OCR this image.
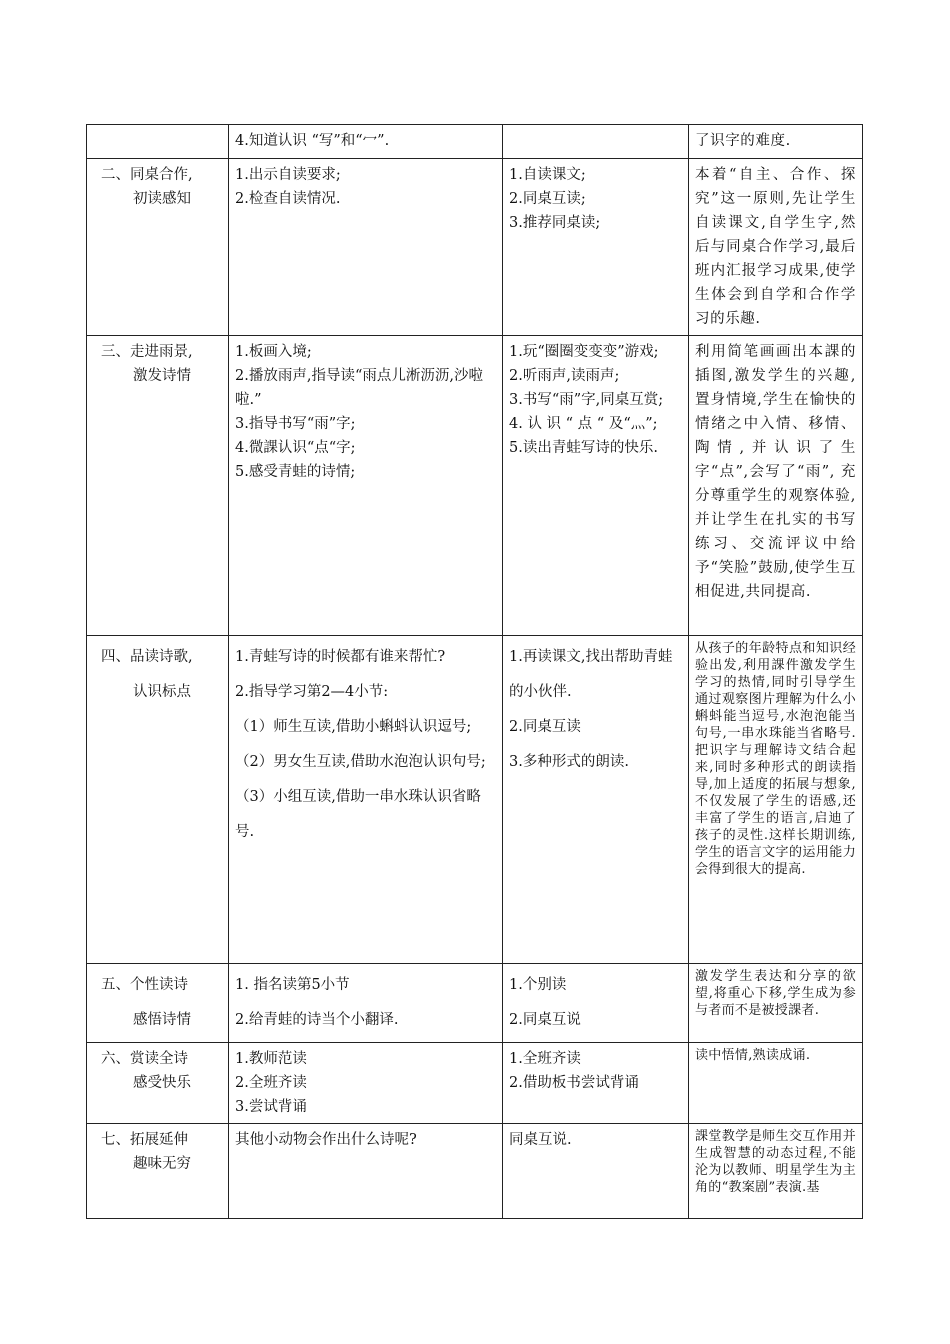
	4.知道认识 “写”和“冖”.		了识字的难度.

二、同桌合作,
初读感知	1.出示自读要求;
2.检查自读情况.	1.自读课文;
2.同桌互读;
3.推荐同桌读;	本着“自主、合作、探究”这一原则,先让学生自读课文,自学生字,然后与同桌合作学习,最后班内汇报学习成果,使学生体会到自学和合作学习的乐趣.

三、走进雨景,
激发诗情	1.板画入境;
2.播放雨声,指导读“雨点儿淅沥沥,沙啦啦.”
3.指导书写“雨”字;
4.微課认识“点“字;
5.感受青蛙的诗情;	1.玩“圈圈变变变”游戏;
2.听雨声,读雨声;
3.书写“雨”字,同桌互赏;
4. 认 识 “ 点 “ 及“灬”;
5.读出青蛙写诗的快乐.	利用简笔画画出本課的插图,激发学生的兴趣,置身情境,学生在愉快的情绪之中入情、移情、陶情,并认识了生字“点”,会写了“雨”, 充分尊重学生的观察体验,并让学生在扎实的书写练习、交流评议中给予“笑脸”鼓励,使学生互相促进,共同提高.

四、品读诗歌,
认识标点	1.青蛙写诗的时候都有谁来帮忙?
2.指导学习第2—4小节:
（1）师生互读,借助小蝌蚪认识逗号;
（2）男女生互读,借助水泡泡认识句号;
（3）小组互读,借助一串水珠认识省略号.	1.再读课文,找出帮助青蛙的小伙伴.
2.同桌互读
3.多种形式的朗读.	从孩子的年龄特点和知识经验出发,利用課件激发学生学习的热情,同时引导学生通过观察图片理解为什么小蝌蚪能当逗号,水泡泡能当句号,一串水珠能当省略号.把识字与理解诗文结合起来,同时多种形式的朗读指导,加上适度的拓展与想象,不仅发展了学生的语感,还丰富了学生的语言,启迪了孩子的灵性.这样长期训练,学生的语言文字的运用能力会得到很大的提高.

五、个性读诗
感悟诗情	1. 指名读第5小节
2.给青蛙的诗当个小翻译.	1.个别读
2.同桌互说	激发学生表达和分享的欲望,将重心下移,学生成为参与者而不是被授課者.

六、赏读全诗
感受快乐	1.教师范读
2.全班齐读
3.尝试背诵	1.全班齐读
2.借助板书尝试背诵	读中悟情,熟读成诵.

七、拓展延伸
趣味无穷	其他小动物会作出什么诗呢?	同桌互说.	課堂教学是师生交互作用并生成智慧的动态过程,不能沦为以教师、明星学生为主角的“教案剧”表演.基
